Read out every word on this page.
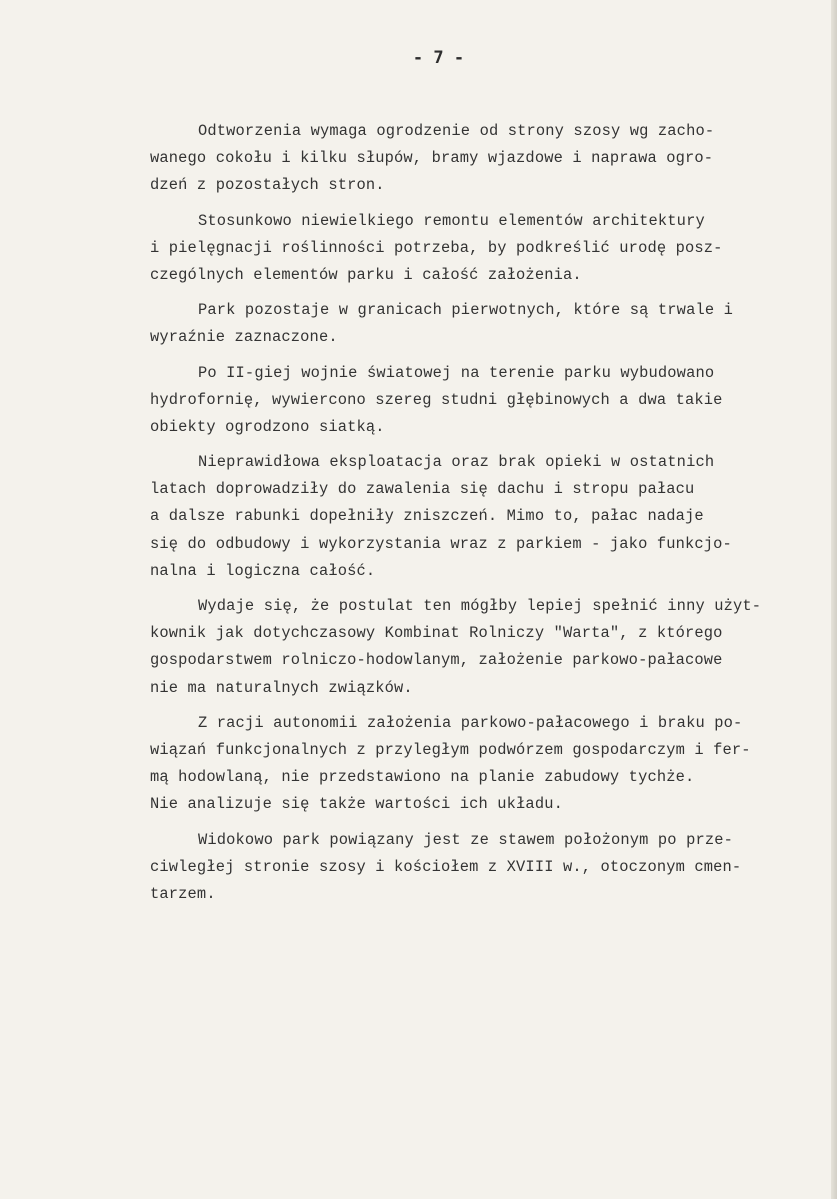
- 7 -
Odtworzenia wymaga ogrodzenie od strony szosy wg zacho-
wanego cokołu i kilku słupów, bramy wjazdowe i naprawa ogro-
dzeń z pozostałych stron.
Stosunkowo niewielkiego remontu elementów architektury
i pielęgnacji roślinności potrzeba, by podkreślić urodę posz-
czególnych elementów parku i całość założenia.
Park pozostaje w granicach pierwotnych, które są trwale i
wyraźnie zaznaczone.
Po II-giej wojnie światowej na terenie parku wybudowano
hydrofornię, wywiercono szereg studni głębinowych a dwa takie
obiekty ogrodzono siatką.
Nieprawidłowa eksploatacja oraz brak opieki w ostatnich
latach doprowadziły do zawalenia się dachu i stropu pałacu
a dalsze rabunki dopełniły zniszczeń. Mimo to, pałac nadaje
się do odbudowy i wykorzystania wraz z parkiem - jako funkcjo-
nalna i logiczna całość.
Wydaje się, że postulat ten mógłby lepiej spełnić inny użyt-
kownik jak dotychczasowy Kombinat Rolniczy "Warta", z którego
gospodarstwem rolniczo-hodowlanym, założenie parkowo-pałacowe
nie ma naturalnych związków.
Z racji autonomii założenia parkowo-pałacowego i braku po-
wiązań funkcjonalnych z przyległym podwórzem gospodarczym i fer-
mą hodowlaną, nie przedstawiono na planie zabudowy tychże.
Nie analizuje się także wartości ich układu.
Widokowo park powiązany jest ze stawem położonym po prze-
ciwległej stronie szosy i kościołem z XVIII w., otoczonym cmen-
tarzem.
